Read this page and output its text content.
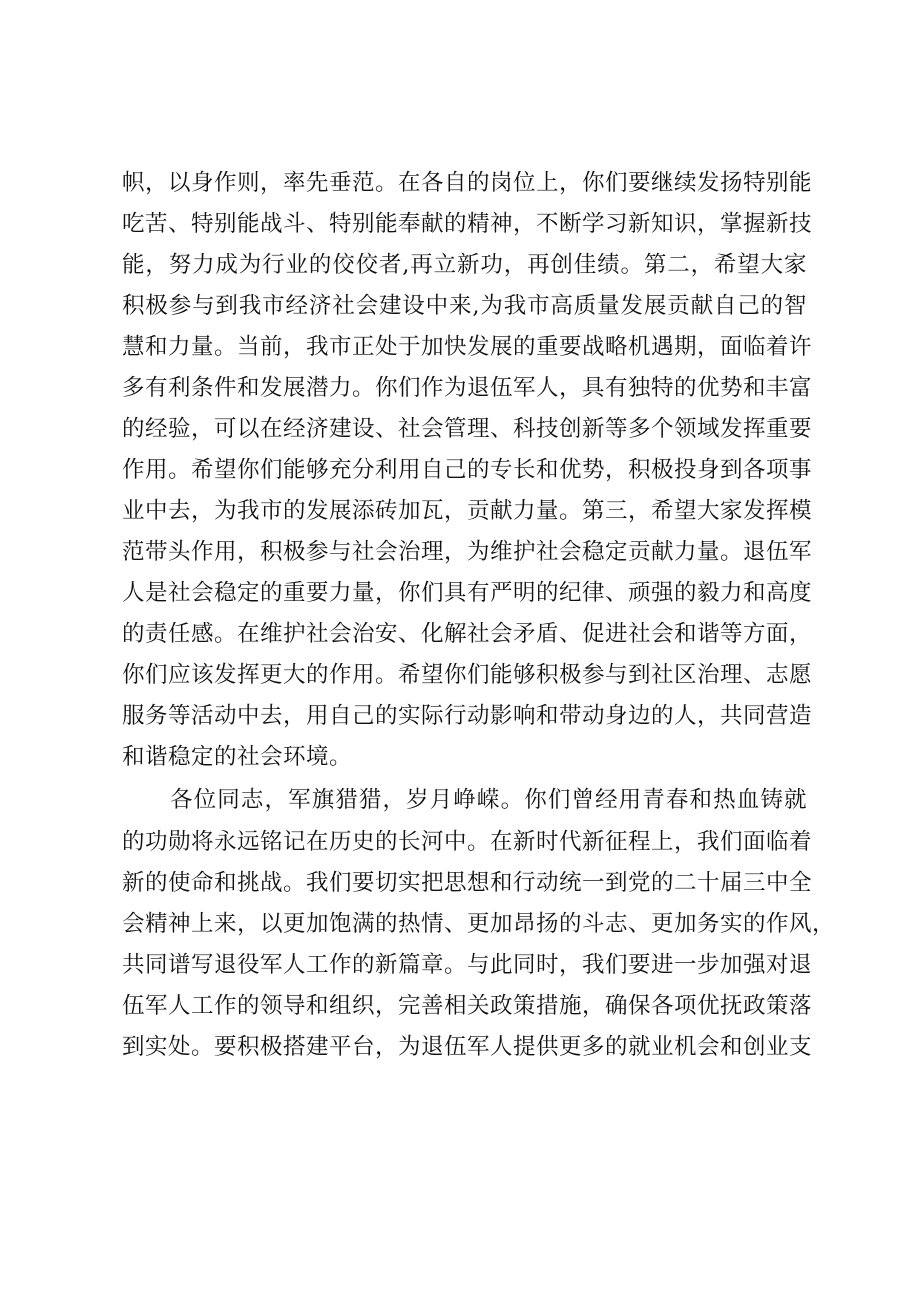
帜，以身作则，率先垂范。在各自的岗位上，你们要继续发扬特别能
吃苦、特别能战斗、特别能奉献的精神，不断学习新知识，掌握新技
能，努力成为行业的佼佼者,再立新功，再创佳绩。第二，希望大家
积极参与到我市经济社会建设中来,为我市高质量发展贡献自己的智
慧和力量。当前，我市正处于加快发展的重要战略机遇期，面临着许
多有利条件和发展潜力。你们作为退伍军人，具有独特的优势和丰富
的经验，可以在经济建设、社会管理、科技创新等多个领域发挥重要
作用。希望你们能够充分利用自己的专长和优势，积极投身到各项事
业中去，为我市的发展添砖加瓦，贡献力量。第三，希望大家发挥模
范带头作用，积极参与社会治理，为维护社会稳定贡献力量。退伍军
人是社会稳定的重要力量，你们具有严明的纪律、顽强的毅力和高度
的责任感。在维护社会治安、化解社会矛盾、促进社会和谐等方面，
你们应该发挥更大的作用。希望你们能够积极参与到社区治理、志愿
服务等活动中去，用自己的实际行动影响和带动身边的人，共同营造
和谐稳定的社会环境。
各位同志，军旗猎猎，岁月峥嵘。你们曾经用青春和热血铸就
的功勋将永远铭记在历史的长河中。在新时代新征程上，我们面临着
新的使命和挑战。我们要切实把思想和行动统一到党的二十届三中全
会精神上来，以更加饱满的热情、更加昂扬的斗志、更加务实的作风，
共同谱写退役军人工作的新篇章。与此同时，我们要进一步加强对退
伍军人工作的领导和组织，完善相关政策措施，确保各项优抚政策落
到实处。要积极搭建平台，为退伍军人提供更多的就业机会和创业支
